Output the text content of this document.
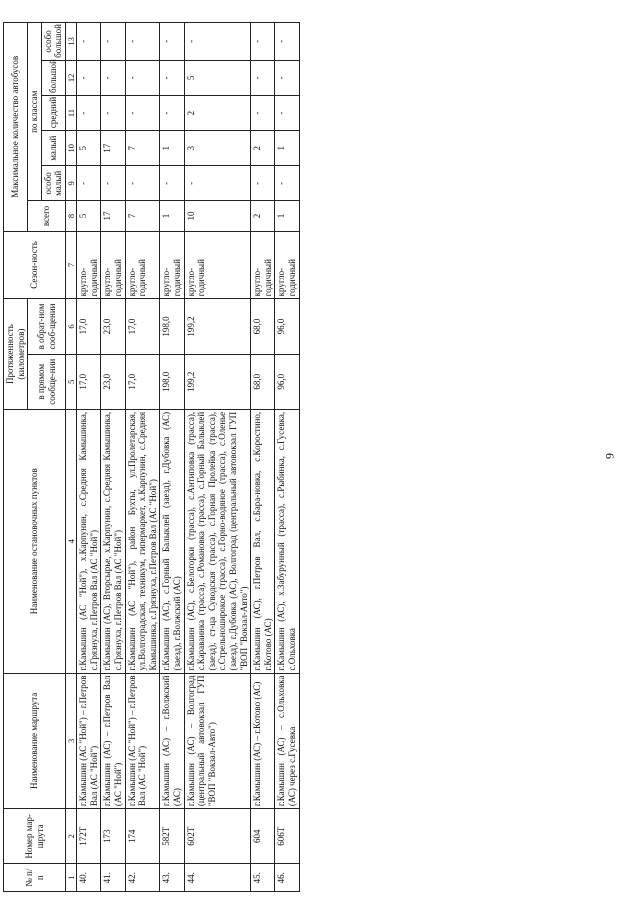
9
№ п/п	Номер мар-шрута	Наименование маршрута	Наименование остановочных пунктов	Протяженность (километров)		Сезон-ность	Максимальное количество автобусов					
				в прямом сообще-нии	в обрат-ном сооб-щении		всего	по классам				
								особо малый	малый	средний	большой	особо большой
1	2	3	4	5	6	7	8	9	10	11	12	13
40.	172Т	г.Камышин (АС "Ной") – г.Петров Вал (АС "Ной")	г.Камышин (АС "Ной"), х.Карпунин, с.Средняя Камышинка, с.Грязнуха, г.Петров Вал (АС "Ной")	17,0	17,0	кругло-годичный	5	-	5	-	-	-
41.	173	г.Камышин (АС) – г.Петров Вал (АС "Ной")	г.Камышин (АС), Вторсырье, х.Карпунин, с.Средняя Камышинка, с.Грязнуха, г.Петров Вал (АС "Ной")	23,0	23,0	кругло-годичный	17	-	17	-	-	-
42.	174	г.Камышин (АС "Ной") – г.Петров Вал (АС "Ной")	г.Камышин (АС "Ной"), район Бухты, ул.Пролетарская, ул.Волгоградская, техникум, гипермаркет, х.Карпунин, с.Средняя Камышинка, с.Грязнуха, г.Петров Вал (АС "Ной")	17,0	17,0	кругло-годичный	7	-	7	-	-	-
43.	582Т	г.Камышин (АС) – г.Волжский (АС)	г.Камышин (АС), с.Горный Балыклей (заезд), г.Дубовка (АС) (заезд), г.Волжский (АС)	198,0	198,0	кругло-годичный	1	-	1	-	-	-
44.	602Т	г.Камышин (АС) – Волгоград (центральный автовокзал ГУП "ВОП "Вокзал-Авто")	г.Камышин (АС), с.Белогорки (трасса), с.Антиповка (трасса), с.Караваинка (трасса), с.Романовка (трасса), с.Горный Балыклей (заезд), ст-ца Суводская (трасса), с.Горная Пролейка (трасса), с.Стрельноширокое (трасса), с.Горно-водяное (трасса), с.Оленье (заезд), г.Дубовка (АС), Волгоград (центральный автовокзал ГУП "ВОП "Вокзал-Авто")	199,2	199,2	кругло-годичный	10	-	3	2	5	-
45.	604	г.Камышин (АС) – г.Котово (АС)	г.Камышин (АС), г.Петров Вал, с.Бара-новка, с.Коростино, г.Котово (АС)	68,0	68,0	кругло-годичный	2	-	2	-	-	-
46.	606Т	г.Камышин (АС) – с.Ольховка (АС) через с.Гусевка	г.Камышин (АС), х.Забурунный (трасса), с.Рыбинка, с.Гусевка, с.Ольховка	96,0	96,0	кругло-годичный	1	-	1	-	-	-
